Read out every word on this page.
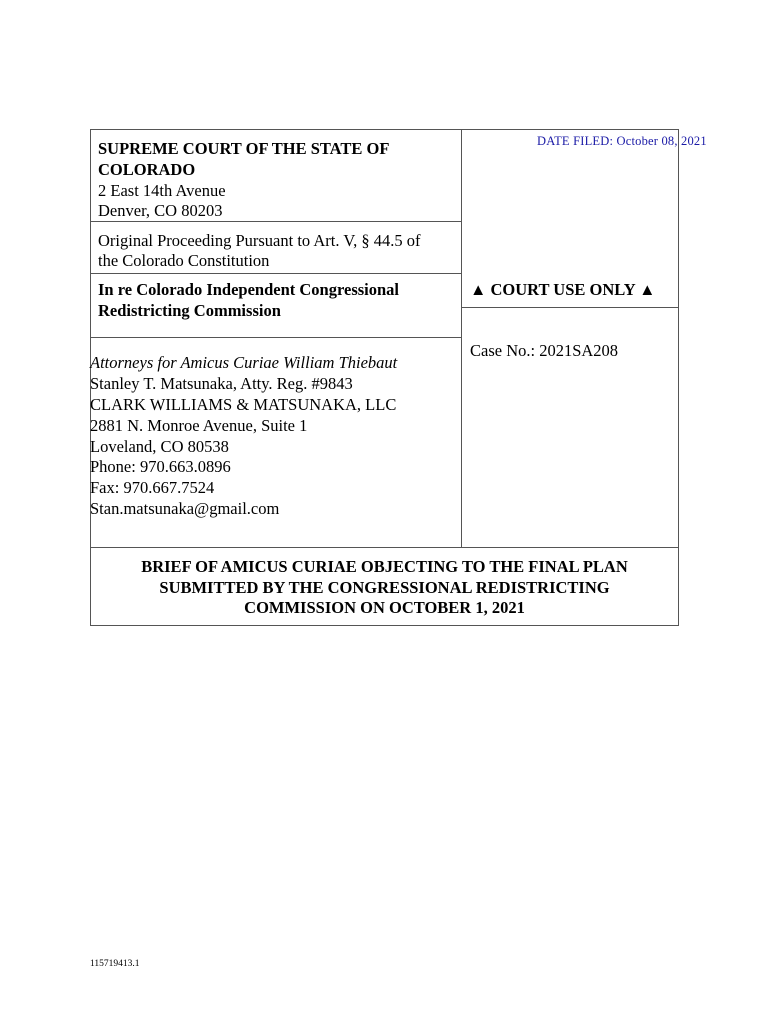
DATE FILED: October 08, 2021
SUPREME COURT OF THE STATE OF
COLORADO
2 East 14th Avenue
Denver, CO 80203
Original Proceeding Pursuant to Art. V, § 44.5 of
the Colorado Constitution
In re Colorado Independent Congressional
Redistricting Commission
▲ COURT USE ONLY ▲
Case No.: 2021SA208
Attorneys for Amicus Curiae William Thiebaut
Stanley T. Matsunaka, Atty. Reg. #9843
CLARK WILLIAMS & MATSUNAKA, LLC
2881 N. Monroe Avenue, Suite 1
Loveland, CO 80538
Phone: 970.663.0896
Fax: 970.667.7524
Stan.matsunaka@gmail.com
BRIEF OF AMICUS CURIAE OBJECTING TO THE FINAL PLAN
SUBMITTED BY THE CONGRESSIONAL REDISTRICTING
COMMISSION ON OCTOBER 1, 2021
115719413.1
